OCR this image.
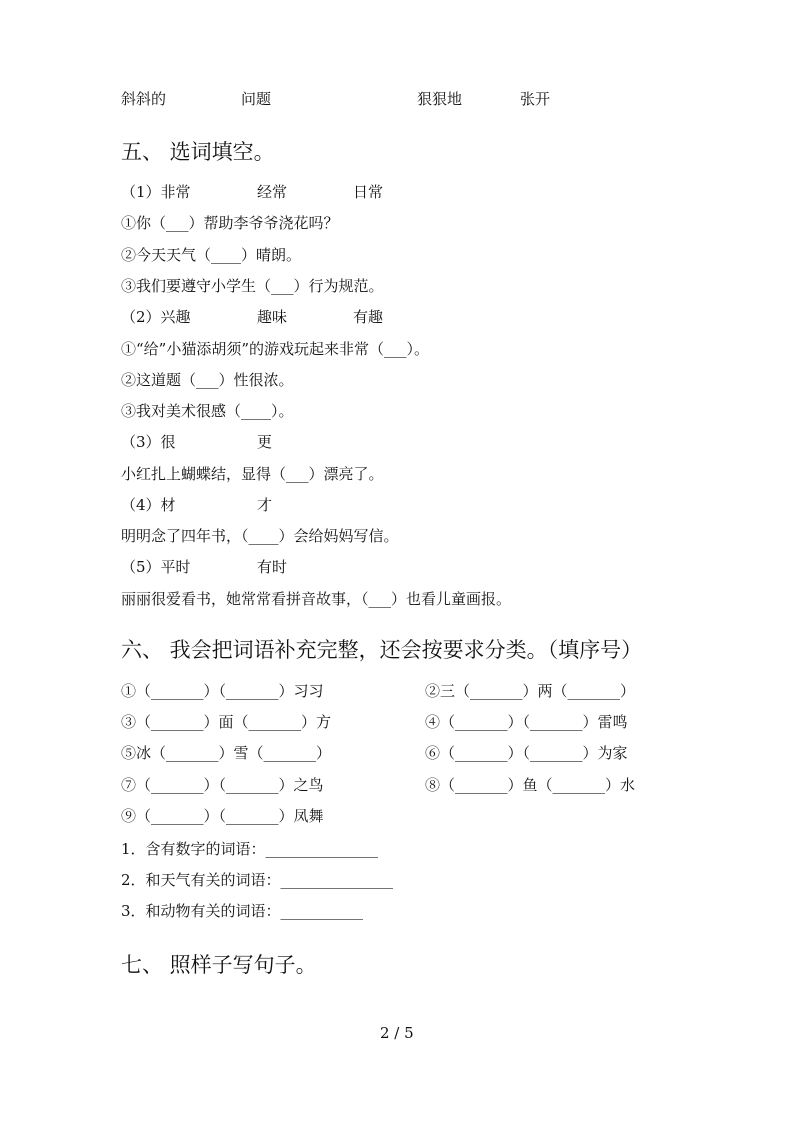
斜斜的	问题	狠狠地	张开
五、 选词填空。
（1）非常	经常	日常
①你（___）帮助李爷爷浇花吗？
②今天天气（____）晴朗。
③我们要遵守小学生（___）行为规范。
（2）兴趣	趣味	有趣
①“给”小猫添胡须”的游戏玩起来非常（___）。
②这道题（___）性很浓。
③我对美术很感（____）。
（3）很	更
小红扎上蝴蝶结，显得（___）漂亮了。
（4）材	才
明明念了四年书，（____）会给妈妈写信。
（5）平时	有时
丽丽很爱看书，她常常看拼音故事，（___）也看儿童画报。
六、 我会把词语补充完整，还会按要求分类。（填序号）
①（_______）（_______）习习	②三（_______）两（_______）
③（_______）面（_______）方	④（_______）（_______）雷鸣
⑤冰（_______）雪（_______）	⑥（_______）（_______）为家
⑦（_______）（_______）之鸟	⑧（_______）鱼（_______）水
⑨（_______）（_______）凤舞
1．含有数字的词语：_______________
2．和天气有关的词语：_______________
3．和动物有关的词语：___________
七、 照样子写句子。
2 / 5
